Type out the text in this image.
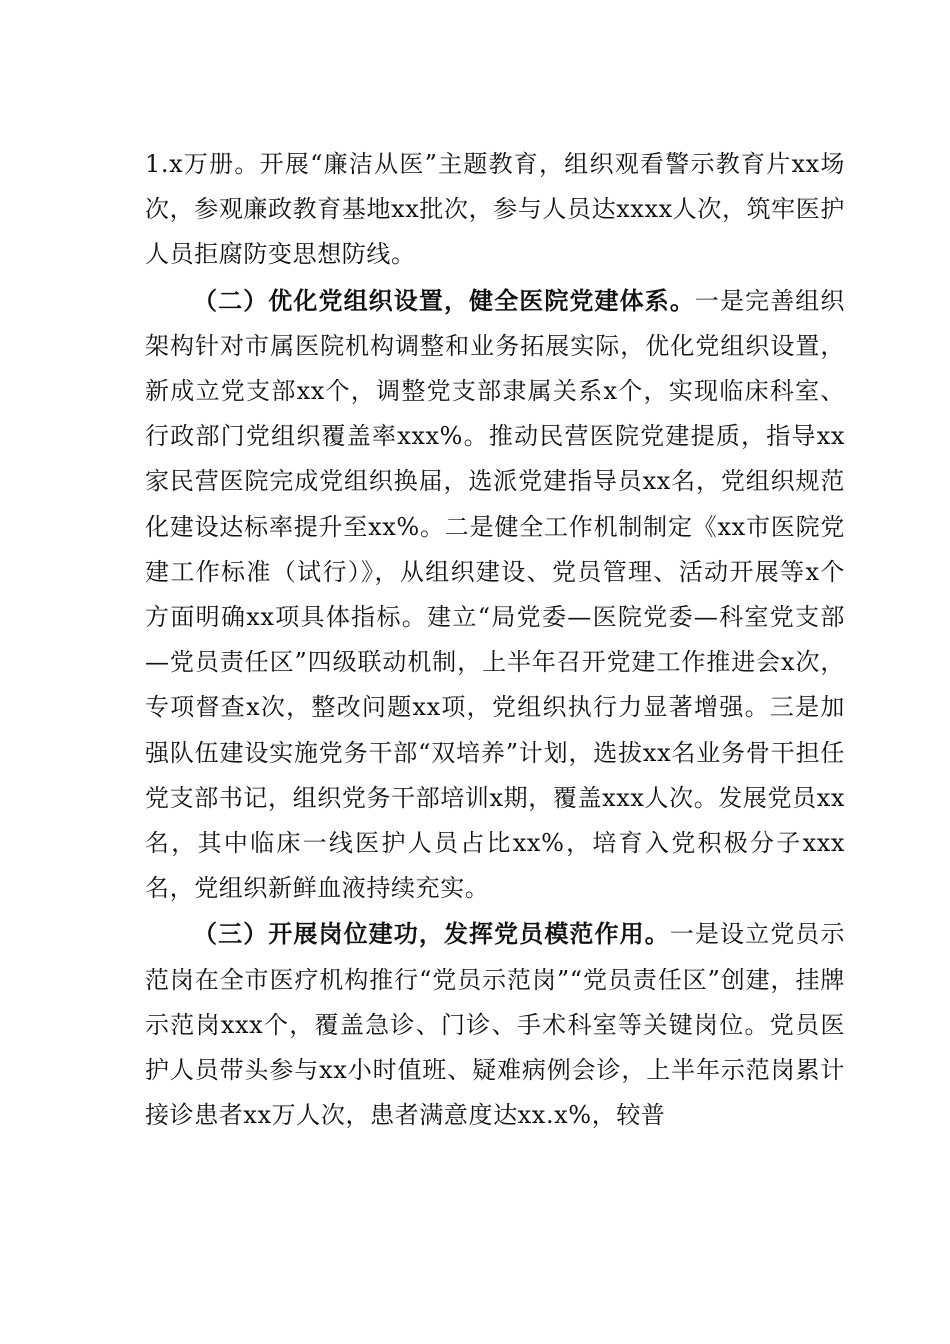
1.x万册。开展“廉洁从医”主题教育，组织观看警示教育片xx场次，参观廉政教育基地xx批次，参与人员达xxxx人次，筑牢医护人员拒腐防变思想防线。

（二）优化党组织设置，健全医院党建体系。一是完善组织架构针对市属医院机构调整和业务拓展实际，优化党组织设置，新成立党支部xx个，调整党支部隶属关系x个，实现临床科室、行政部门党组织覆盖率xxx%。推动民营医院党建提质，指导xx家民营医院完成党组织换届，选派党建指导员xx名，党组织规范化建设达标率提升至xx%。二是健全工作机制制定《xx市医院党建工作标准（试行）》，从组织建设、党员管理、活动开展等x个方面明确xx项具体指标。建立“局党委—医院党委—科室党支部—党员责任区”四级联动机制，上半年召开党建工作推进会x次，专项督查x次，整改问题xx项，党组织执行力显著增强。三是加强队伍建设实施党务干部“双培养”计划，选拔xx名业务骨干担任党支部书记，组织党务干部培训x期，覆盖xxx人次。发展党员xx名，其中临床一线医护人员占比xx%，培育入党积极分子xxx名，党组织新鲜血液持续充实。

（三）开展岗位建功，发挥党员模范作用。一是设立党员示范岗在全市医疗机构推行“党员示范岗”“党员责任区”创建，挂牌示范岗xxx个，覆盖急诊、门诊、手术科室等关键岗位。党员医护人员带头参与xx小时值班、疑难病例会诊，上半年示范岗累计接诊患者xx万人次，患者满意度达xx.x%，较普
